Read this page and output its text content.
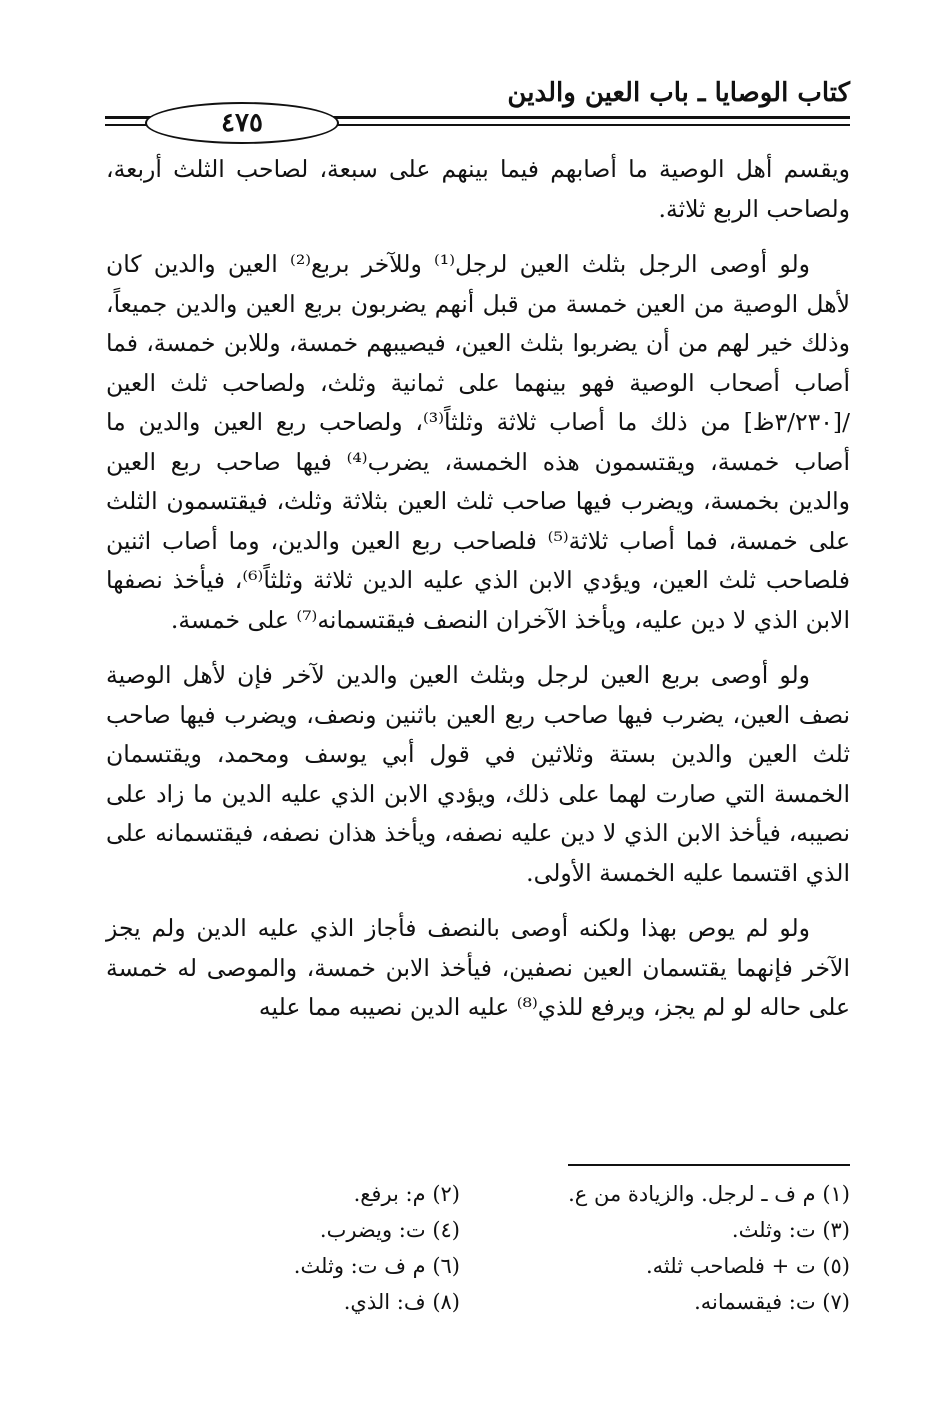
كتاب الوصايا ـ باب العين والدين
٤٧٥

ويقسم أهل الوصية ما أصابهم فيما بينهم على سبعة، لصاحب الثلث أربعة، ولصاحب الربع ثلاثة.

ولو أوصى الرجل بثلث العين لرجل⁽¹⁾ وللآخر بربع⁽²⁾ العين والدين كان لأهل الوصية من العين خمسة من قبل أنهم يضربون بربع العين والدين جميعاً، وذلك خير لهم من أن يضربوا بثلث العين، فيصيبهم خمسة، وللابن خمسة، فما أصاب أصحاب الوصية فهو بينهما على ثمانية وثلث، ولصاحب ثلث العين /[٣/٢٣٠ظ] من ذلك ما أصاب ثلاثة وثلثاً⁽³⁾، ولصاحب ربع العين والدين ما أصاب خمسة، ويقتسمون هذه الخمسة، يضرب⁽⁴⁾ فيها صاحب ربع العين والدين بخمسة، ويضرب فيها صاحب ثلث العين بثلاثة وثلث، فيقتسمون الثلث على خمسة، فما أصاب ثلاثة⁽⁵⁾ فلصاحب ربع العين والدين، وما أصاب اثنين فلصاحب ثلث العين، ويؤدي الابن الذي عليه الدين ثلاثة وثلثاً⁽⁶⁾، فيأخذ نصفها الابن الذي لا دين عليه، ويأخذ الآخران النصف فيقتسمانه⁽⁷⁾ على خمسة.

ولو أوصى بربع العين لرجل وبثلث العين والدين لآخر فإن لأهل الوصية نصف العين، يضرب فيها صاحب ربع العين باثنين ونصف، ويضرب فيها صاحب ثلث العين والدين بستة وثلاثين في قول أبي يوسف ومحمد، ويقتسمان الخمسة التي صارت لهما على ذلك، ويؤدي الابن الذي عليه الدين ما زاد على نصيبه، فيأخذ الابن الذي لا دين عليه نصفه، ويأخذ هذان نصفه، فيقتسمانه على الذي اقتسما عليه الخمسة الأولى.

ولو لم يوص بهذا ولكنه أوصى بالنصف فأجاز الذي عليه الدين ولم يجز الآخر فإنهما يقتسمان العين نصفين، فيأخذ الابن خمسة، والموصى له خمسة على حاله لو لم يجز، ويرفع للذي⁽⁸⁾ عليه الدين نصيبه مما عليه

(١) م ف ـ لرجل. والزيادة من ع.
(٢) م: برفع.
(٣) ت: وثلث.
(٤) ت: ويضرب.
(٥) ت + فلصاحب ثلثه.
(٦) م ف ت: وثلث.
(٧) ت: فيقسمانه.
(٨) ف: الذي.
